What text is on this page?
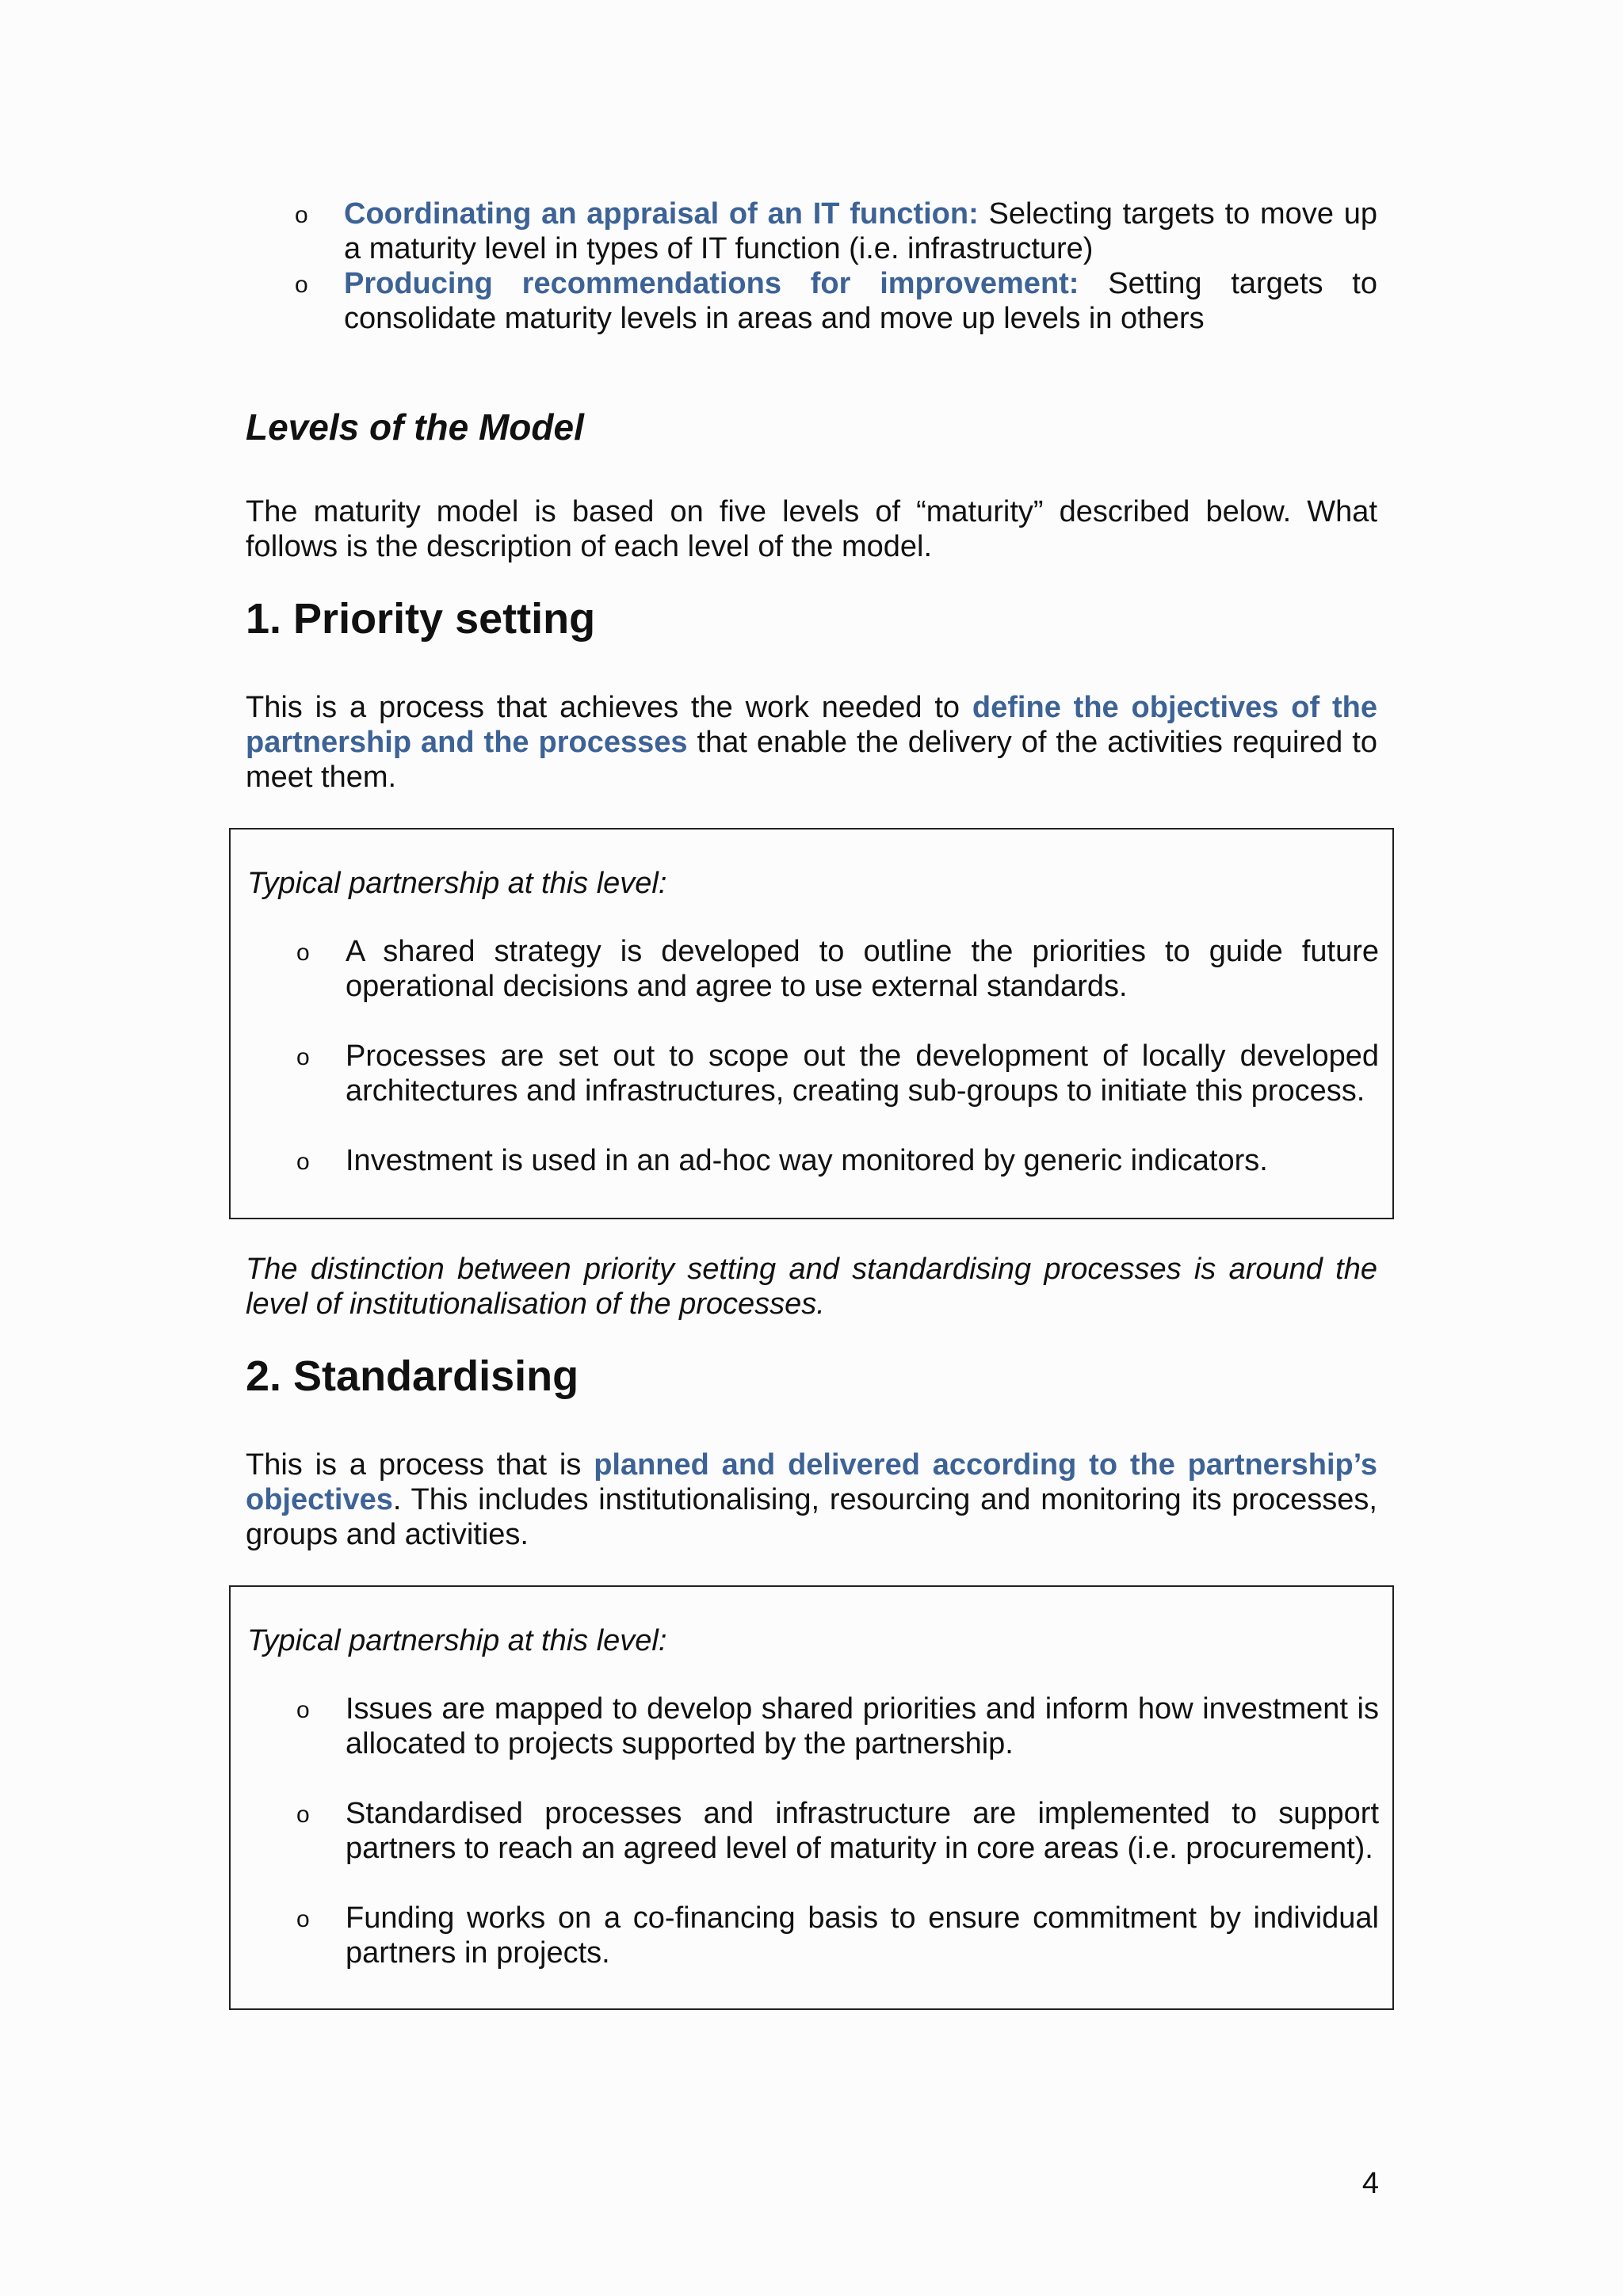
o Coordinating an appraisal of an IT function: Selecting targets to move up a maturity level in types of IT function (i.e. infrastructure)
o Producing recommendations for improvement: Setting targets to consolidate maturity levels in areas and move up levels in others
Levels of the Model

The maturity model is based on five levels of “maturity” described below. What follows is the description of each level of the model.

1. Priority setting

This is a process that achieves the work needed to define the objectives of the partnership and the processes that enable the delivery of the activities required to meet them.

Typical partnership at this level:
o A shared strategy is developed to outline the priorities to guide future operational decisions and agree to use external standards.
o Processes are set out to scope out the development of locally developed architectures and infrastructures, creating sub-groups to initiate this process.
o Investment is used in an ad-hoc way monitored by generic indicators.

The distinction between priority setting and standardising processes is around the level of institutionalisation of the processes.

2. Standardising

This is a process that is planned and delivered according to the partnership’s objectives. This includes institutionalising, resourcing and monitoring its processes, groups and activities.

Typical partnership at this level:
o Issues are mapped to develop shared priorities and inform how investment is allocated to projects supported by the partnership.
o Standardised processes and infrastructure are implemented to support partners to reach an agreed level of maturity in core areas (i.e. procurement).
o Funding works on a co-financing basis to ensure commitment by individual partners in projects.
4
